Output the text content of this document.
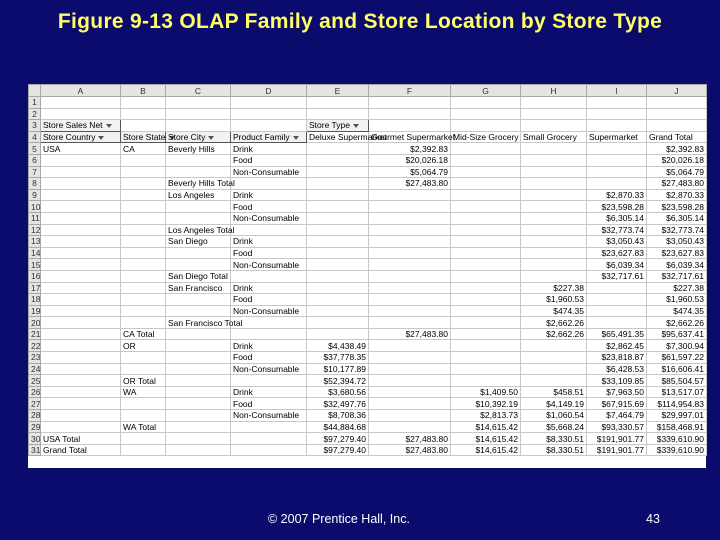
Figure 9-13 OLAP Family and Store Location by Store Type
	A	B	C	D	E	F	G	H	I	J
1										
2										
3	Store Sales Net				Store Type					
4	Store Country	Store State	Store City	Product Family	Deluxe Supermarket	Gourmet Supermarket	Mid-Size Grocery	Small Grocery	Supermarket	Grand Total
5	USA	CA	Beverly Hills	Drink		$2,392.83				$2,392.83
6				Food		$20,026.18				$20,026.18
7				Non-Consumable		$5,064.79				$5,064.79
8			Beverly Hills Total			$27,483.80				$27,483.80
9			Los Angeles	Drink					$2,870.33	$2,870.33
10				Food					$23,598.28	$23,598.28
11				Non-Consumable					$6,305.14	$6,305.14
12			Los Angeles Total						$32,773.74	$32,773.74
13			San Diego	Drink					$3,050.43	$3,050.43
14				Food					$23,627.83	$23,627.83
15				Non-Consumable					$6,039.34	$6,039.34
16			San Diego Total						$32,717.61	$32,717.61
17			San Francisco	Drink				$227.38		$227.38
18				Food				$1,960.53		$1,960.53
19				Non-Consumable				$474.35		$474.35
20			San Francisco Total					$2,662.26		$2,662.26
21		CA Total				$27,483.80		$2,662.26	$65,491.35	$95,637.41
22		OR		Drink	$4,438.49				$2,862.45	$7,300.94
23				Food	$37,778.35				$23,818.87	$61,597.22
24				Non-Consumable	$10,177.89				$6,428.53	$16,606.41
25		OR Total			$52,394.72				$33,109.85	$85,504.57
26		WA		Drink	$3,680.56		$1,409.50	$458.51	$7,963.50	$13,517.07
27				Food	$32,497.76		$10,392.19	$4,149.19	$67,915.69	$114,954.83
28				Non-Consumable	$8,708.36		$2,813.73	$1,060.54	$7,464.79	$29,997.01
29		WA Total			$44,884.68		$14,615.42	$5,668.24	$93,330.57	$158,468.91
30	USA Total				$97,279.40	$27,483.80	$14,615.42	$8,330.51	$191,901.77	$339,610.90
31	Grand Total				$97,279.40	$27,483.80	$14,615.42	$8,330.51	$191,901.77	$339,610.90
© 2007 Prentice Hall, Inc.	43
